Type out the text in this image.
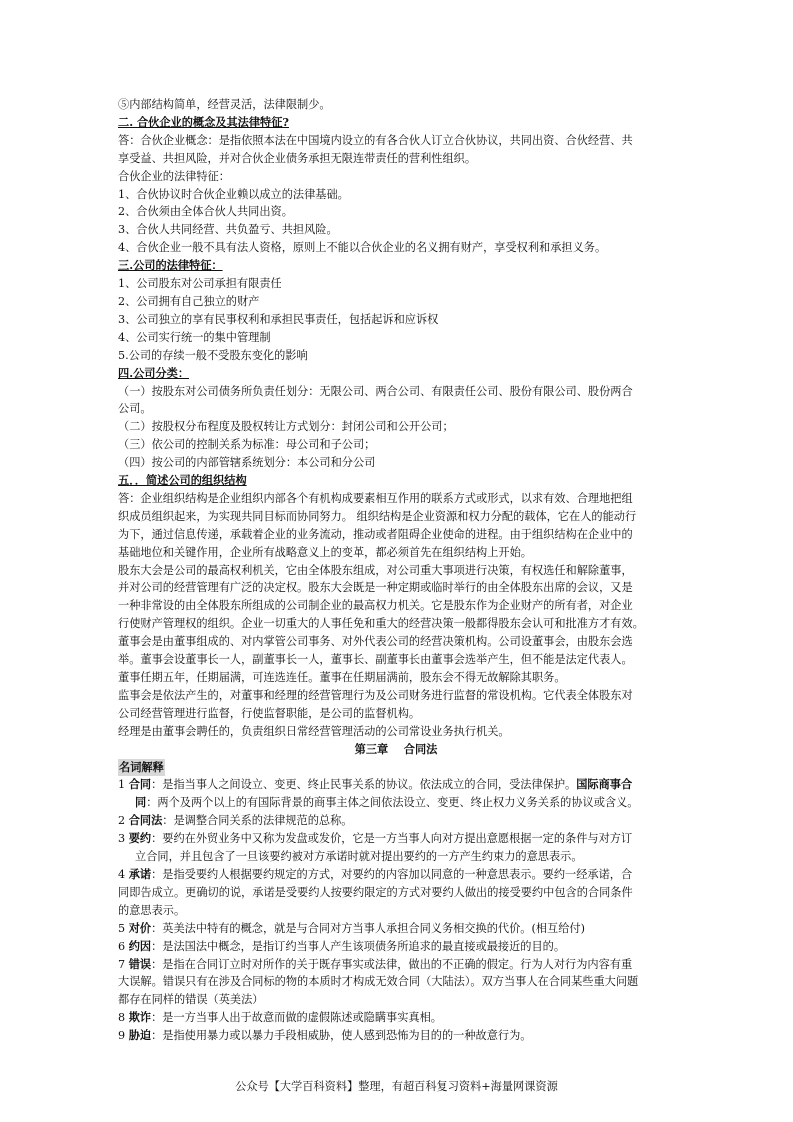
⑤内部结构简单，经营灵活，法律限制少。

二. 合伙企业的概念及其法律特征?

答：合伙企业概念：是指依照本法在中国境内设立的有各合伙人订立合伙协议，共同出资、合伙经营、共

享受益、共担风险，并对合伙企业债务承担无限连带责任的营利性组织。

合伙企业的法律特征：

1、合伙协议时合伙企业赖以成立的法律基础。

2、合伙须由全体合伙人共同出资。

3、合伙人共同经营、共负盈亏、共担风险。

4、合伙企业一般不具有法人资格，原则上不能以合伙企业的名义拥有财产，享受权利和承担义务。

三.公司的法律特征：

1、公司股东对公司承担有限责任

2、公司拥有自己独立的财产

3、公司独立的享有民事权利和承担民事责任，包括起诉和应诉权

4、公司实行统一的集中管理制

5.公司的存续一般不受股东变化的影响

四.公司分类：

（一）按股东对公司债务所负责任划分：无限公司、两合公司、有限责任公司、股份有限公司、股份两合

公司。

（二）按股权分布程度及股权转让方式划分：封闭公司和公开公司；

（三）依公司的控制关系为标准：母公司和子公司；

（四）按公司的内部管辖系统划分：本公司和分公司

五．．简述公司的组织结构

答：企业组织结构是企业组织内部各个有机构成要素相互作用的联系方式或形式，以求有效、合理地把组

织成员组织起来，为实现共同目标而协同努力。 组织结构是企业资源和权力分配的载体，它在人的能动行

为下，通过信息传递，承载着企业的业务流动，推动或者阻碍企业使命的进程。由于组织结构在企业中的

基础地位和关键作用，企业所有战略意义上的变革，都必须首先在组织结构上开始。

股东大会是公司的最高权利机关，它由全体股东组成，对公司重大事项进行决策，有权选任和解除董事，

并对公司的经营管理有广泛的决定权。股东大会既是一种定期或临时举行的由全体股东出席的会议，又是

一种非常设的由全体股东所组成的公司制企业的最高权力机关。它是股东作为企业财产的所有者，对企业

行使财产管理权的组织。企业一切重大的人事任免和重大的经营决策一般都得股东会认可和批准方才有效。

董事会是由董事组成的、对内掌管公司事务、对外代表公司的经营决策机构。公司设董事会，由股东会选

举。董事会设董事长一人，副董事长一人，董事长、副董事长由董事会选举产生，但不能是法定代表人。

董事任期五年，任期届满，可连选连任。董事在任期届满前，股东会不得无故解除其职务。

监事会是依法产生的，对董事和经理的经营管理行为及公司财务进行监督的常设机构。它代表全体股东对

公司经营管理进行监督，行使监督职能，是公司的监督机构。

经理是由董事会聘任的，负责组织日常经营管理活动的公司常设业务执行机关。

第三章    合同法

名词解释

1 合同：是指当事人之间设立、变更、终止民事关系的协议。依法成立的合同，受法律保护。国际商事合

同：两个及两个以上的有国际背景的商事主体之间依法设立、变更、终止权力义务关系的协议或含义。

2 合同法：是调整合同关系的法律规范的总称。

3 要约：要约在外贸业务中又称为发盘或发价，它是一方当事人向对方提出意愿根据一定的条件与对方订

立合同，并且包含了一旦该要约被对方承诺时就对提出要约的一方产生约束力的意思表示。

4 承诺：是指受要约人根据要约规定的方式，对要约的内容加以同意的一种意思表示。要约一经承诺，合

同即告成立。更确切的说，承诺是受要约人按要约限定的方式对要约人做出的接受要约中包含的合同条件

的意思表示。

5 对价：英美法中特有的概念，就是与合同对方当事人承担合同义务相交换的代价。(相互给付)

6 约因：是法国法中概念，是指订约当事人产生该项债务所追求的最直接或最接近的目的。

7 错误：是指在合同订立时对所作的关于既存事实或法律，做出的不正确的假定。行为人对行为内容有重

大误解。错误只有在涉及合同标的物的本质时才构成无效合同（大陆法）。双方当事人在合同某些重大问题

都存在同样的错误（英美法）

8 欺诈：是一方当事人出于故意而做的虚假陈述或隐瞒事实真相。

9 胁迫：是指使用暴力或以暴力手段相威胁，使人感到恐怖为目的的一种故意行为。

公众号【大学百科资料】整理，有超百科复习资料+海量网课资源
